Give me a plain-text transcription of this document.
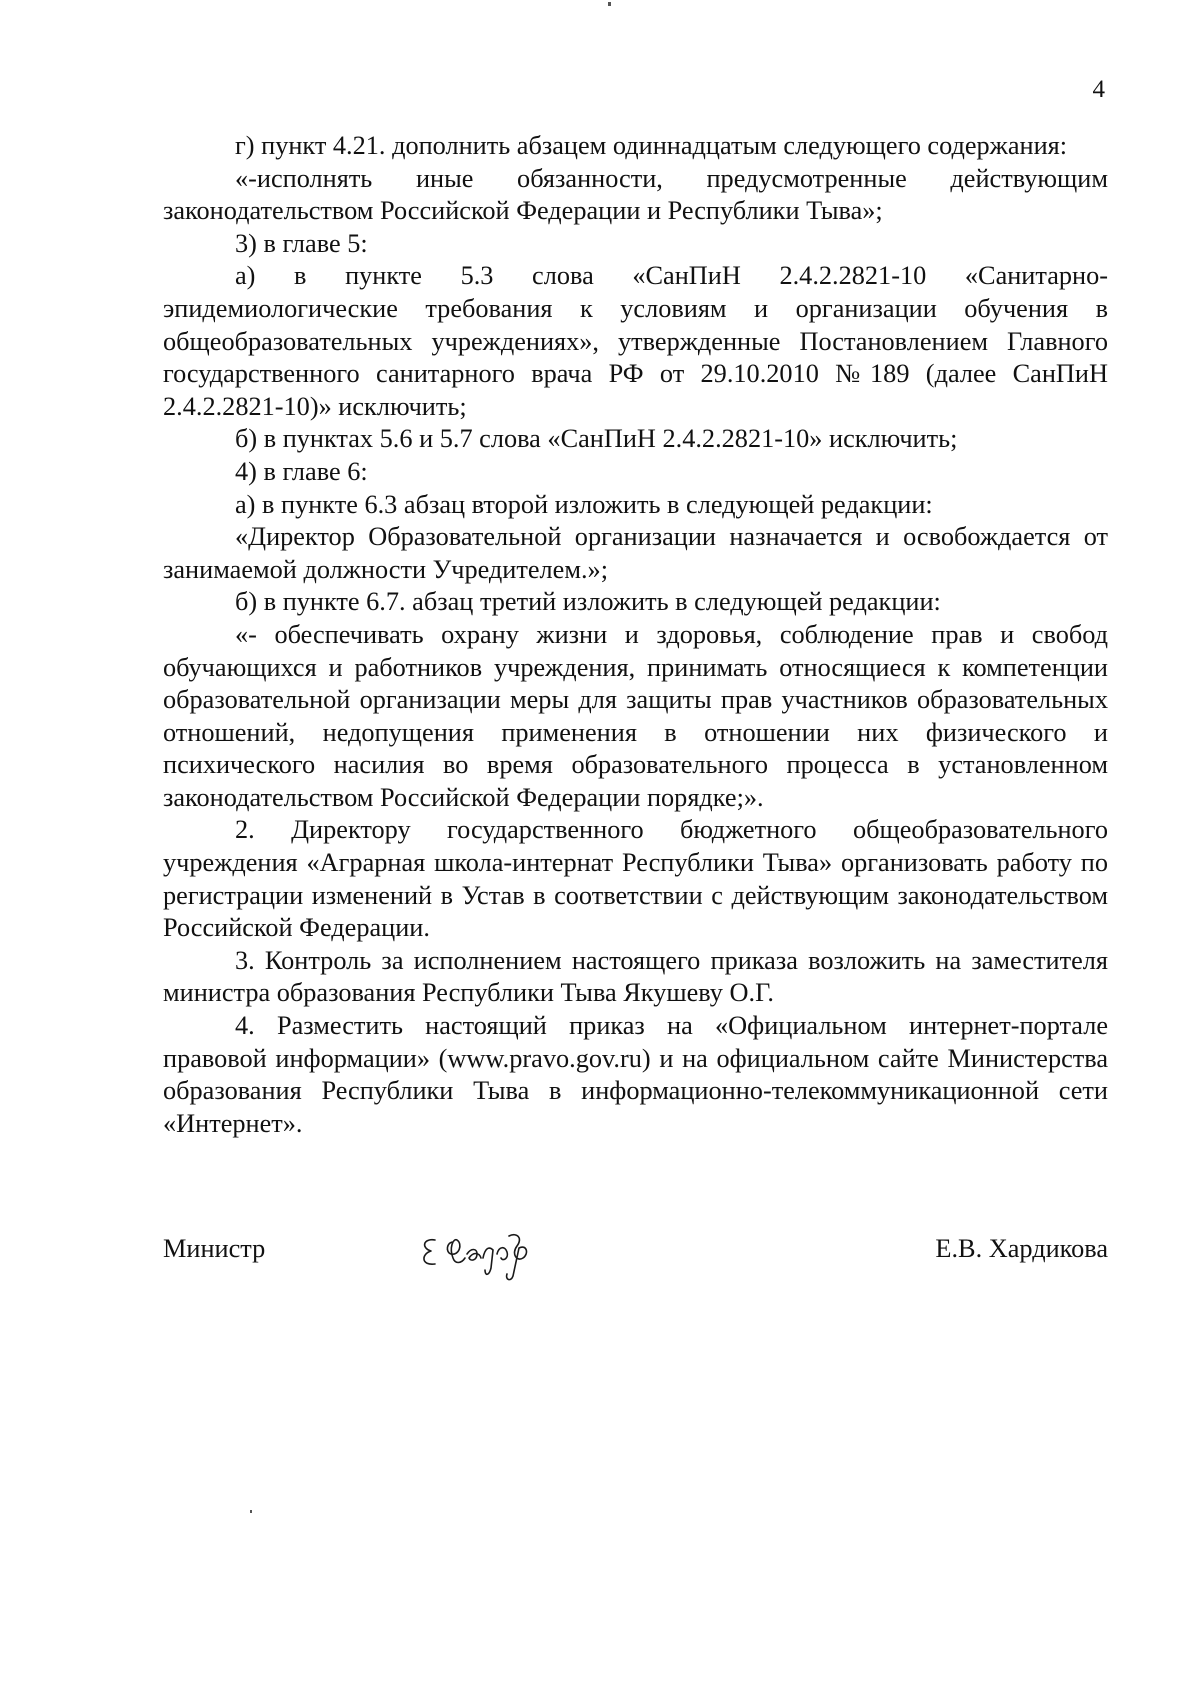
4

г) пункт 4.21. дополнить абзацем одиннадцатым следующего содержания:

«-исполнять иные обязанности, предусмотренные действующим законодательством Российской Федерации и Республики Тыва»;

3) в главе 5:

а) в пункте 5.3 слова «СанПиН 2.4.2.2821-10 «Санитарно-эпидемиологические требования к условиям и организации обучения в общеобразовательных учреждениях», утвержденные Постановлением Главного государственного санитарного врача РФ от 29.10.2010 №189 (далее СанПиН 2.4.2.2821-10)» исключить;

б) в пунктах 5.6 и 5.7 слова «СанПиН 2.4.2.2821-10» исключить;

4) в главе 6:

а) в пункте 6.3 абзац второй изложить в следующей редакции:

«Директор Образовательной организации назначается и освобождается от занимаемой должности Учредителем.»;

б) в пункте 6.7. абзац третий изложить в следующей редакции:

«- обеспечивать охрану жизни и здоровья, соблюдение прав и свобод обучающихся и работников учреждения, принимать относящиеся к компетенции образовательной организации меры для защиты прав участников образовательных отношений, недопущения применения в отношении них физического и психического насилия во время образовательного процесса в установленном законодательством Российской Федерации порядке;».

2. Директору государственного бюджетного общеобразовательного учреждения «Аграрная школа-интернат Республики Тыва» организовать работу по регистрации изменений в Устав в соответствии с действующим законодательством Российской Федерации.

3. Контроль за исполнением настоящего приказа возложить на заместителя министра образования Республики Тыва Якушеву О.Г.

4. Разместить настоящий приказ на «Официальном интернет-портале правовой информации» (www.pravo.gov.ru) и на официальном сайте Министерства образования Республики Тыва в информационно-телекоммуникационной сети «Интернет».

Министр	Е.В. Хардикова
